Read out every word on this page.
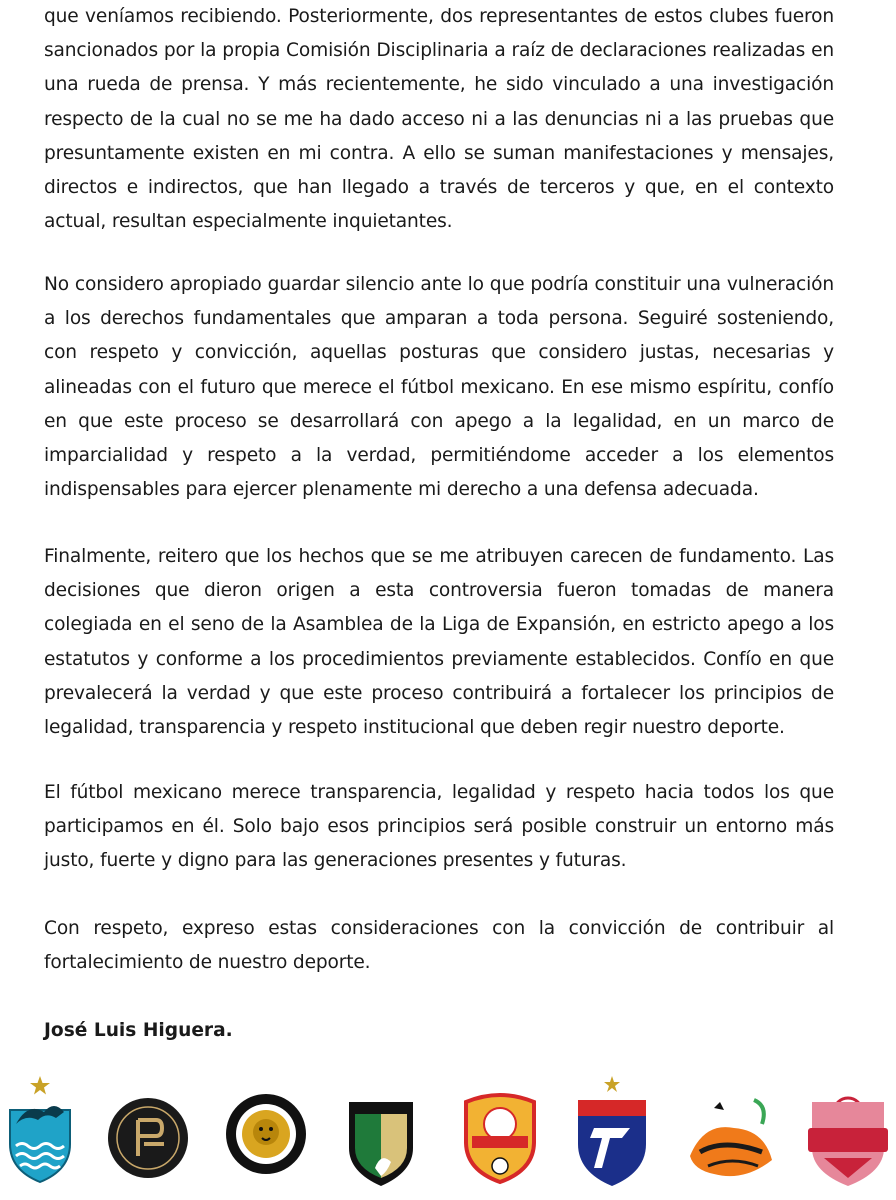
que veníamos recibiendo. Posteriormente, dos representantes de estos clubes fueron sancionados por la propia Comisión Disciplinaria a raíz de declaraciones realizadas en una rueda de prensa. Y más recientemente, he sido vinculado a una investigación respecto de la cual no se me ha dado acceso ni a las denuncias ni a las pruebas que presuntamente existen en mi contra. A ello se suman manifestaciones y mensajes, directos e indirectos, que han llegado a través de terceros y que, en el contexto actual, resultan especialmente inquietantes.

No considero apropiado guardar silencio ante lo que podría constituir una vulneración a los derechos fundamentales que amparan a toda persona. Seguiré sosteniendo, con respeto y convicción, aquellas posturas que considero justas, necesarias y alineadas con el futuro que merece el fútbol mexicano. En ese mismo espíritu, confío en que este proceso se desarrollará con apego a la legalidad, en un marco de imparcialidad y respeto a la verdad, permitiéndome acceder a los elementos indispensables para ejercer plenamente mi derecho a una defensa adecuada.

Finalmente, reitero que los hechos que se me atribuyen carecen de fundamento. Las decisiones que dieron origen a esta controversia fueron tomadas de manera colegiada en el seno de la Asamblea de la Liga de Expansión, en estricto apego a los estatutos y conforme a los procedimientos previamente establecidos. Confío en que prevalecerá la verdad y que este proceso contribuirá a fortalecer los principios de legalidad, transparencia y respeto institucional que deben regir nuestro deporte.

El fútbol mexicano merece transparencia, legalidad y respeto hacia todos los que participamos en él. Solo bajo esos principios será posible construir un entorno más justo, fuerte y digno para las generaciones presentes y futuras.

Con respeto, expreso estas consideraciones con la convicción de contribuir al fortalecimiento de nuestro deporte.

José Luis Higuera.
